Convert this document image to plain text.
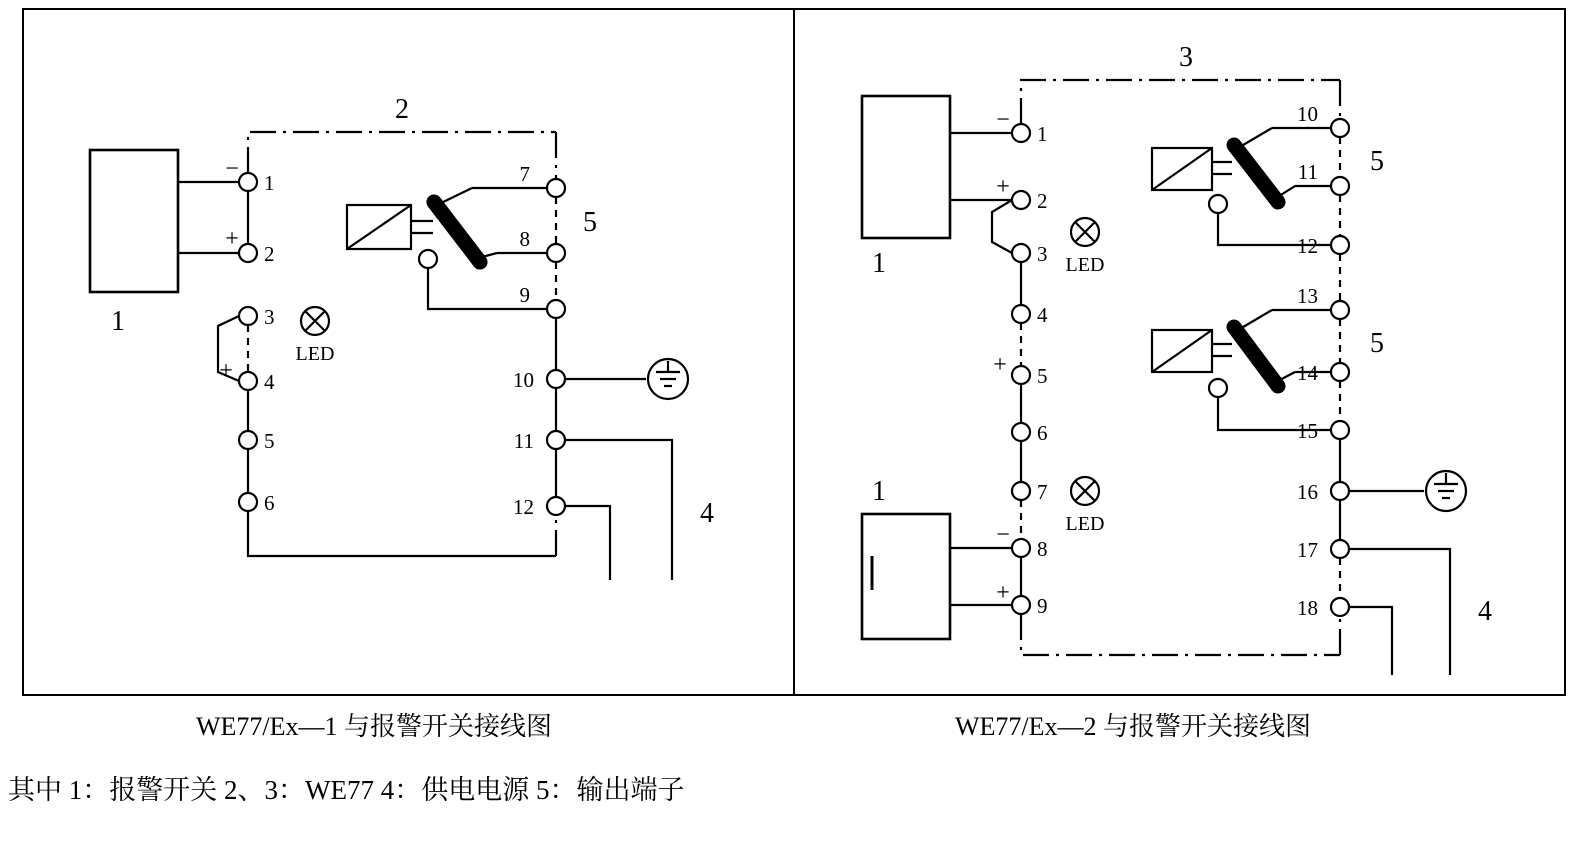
1
2
5
4
LED
−
+
+
1
2
3
4
5
6
7
8
9
10
11
12
1
1
3
5
5
4
LED
LED
−
+
+
−
+
1
2
3
4
5
6
7
8
9
10
11
12
13
14
15
16
17
18
WE77/Ex—1 与报警开关接线图	WE77/Ex—2 与报警开关接线图
其中 1：报警开关 2、3：WE77 4：供电电源 5：输出端子
